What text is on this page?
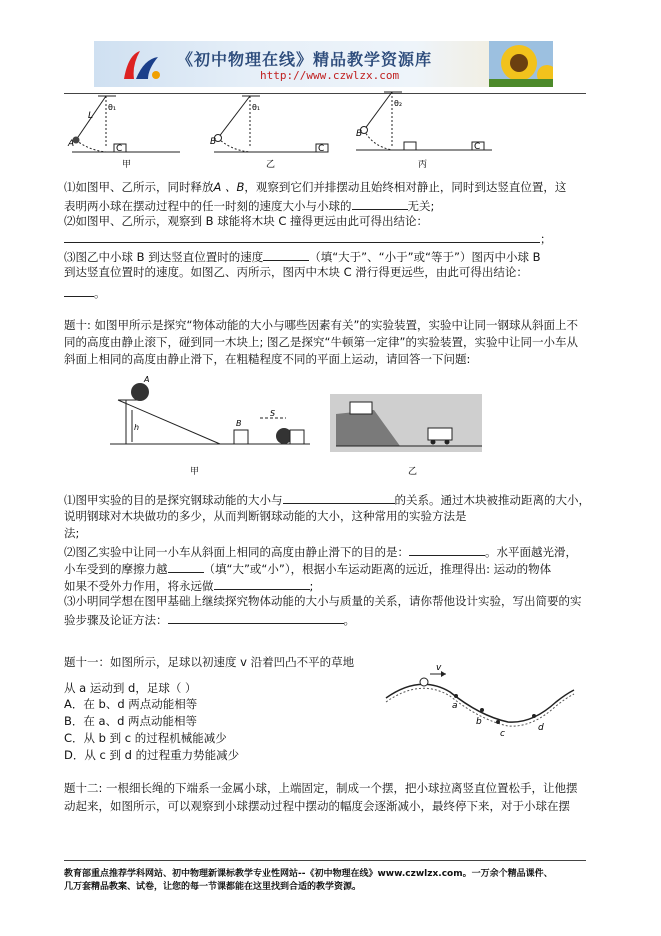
《初中物理在线》精品教学资源库
http://www.czwlzx.com
C	C	C
A	B
B
L
θ₁	θ₁	θ₂
甲	乙	丙
⑴如图甲、乙所示，同时释放A 、B，观察到它们并排摆动且始终相对静止，同时到达竖直位置，这
表明两小球在摆动过程中的任一时刻的速度大小与小球的	无关;
⑵如图甲、乙所示，观察到 B 球能将木块 C 撞得更远由此可得出结论：
；
⑶图乙中小球 B 到达竖直位置时的速度	（填“大于”、“小于”或“等于”）图丙中小球 B
到达竖直位置时的速度。如图乙、丙所示，图丙中木块 C 滑行得更远些，由此可得出结论：
。
题十: 如图甲所示是探究“物体动能的大小与哪些因素有关”的实验装置，实验中让同一钢球从斜面上不
同的高度由静止滚下，碰到同一木块上; 图乙是探究“牛顿第一定律”的实验装置，实验中让同一小车从
斜面上相同的高度由静止滑下，在粗糙程度不同的平面上运动，请回答一下问题:
A
B
h
S
甲	乙
⑴图甲实验的目的是探究钢球动能的大小与	的关系。通过木块被推动距离的大小，
说明钢球对木块做功的多少，从而判断钢球动能的大小，这种常用的实验方法是
法;
⑵图乙实验中让同一小车从斜面上相同的高度由静止滑下的目的是：	。水平面越光滑，
小车受到的摩擦力越	（填“大”或“小”），根据小车运动距离的远近，推理得出: 运动的物体
如果不受外力作用，将永远做	;
⑶小明同学想在图甲基础上继续探究物体动能的大小与质量的关系，请你帮他设计实验，写出简要的实
验步骤及论证方法：	。
题十一：如图所示，足球以初速度 v 沿着凹凸不平的草地
从 a 运动到 d，足球（ ）
A．在 b、d 两点动能相等
B．在 a、d 两点动能相等
C．从 b 到 c 的过程机械能减少
D．从 c 到 d 的过程重力势能减少
v
a
b
c
d
题十二: 一根细长绳的下端系一金属小球，上端固定，制成一个摆，把小球拉离竖直位置松手，让他摆
动起来，如图所示，可以观察到小球摆动过程中摆动的幅度会逐渐减小，最终停下来，对于小球在摆
教育部重点推荐学科网站、初中物理新课标教学专业性网站--《初中物理在线》www.czwlzx.com。一万余个精品课件、
几万套精品教案、试卷，让您的每一节课都能在这里找到合适的教学资源。
